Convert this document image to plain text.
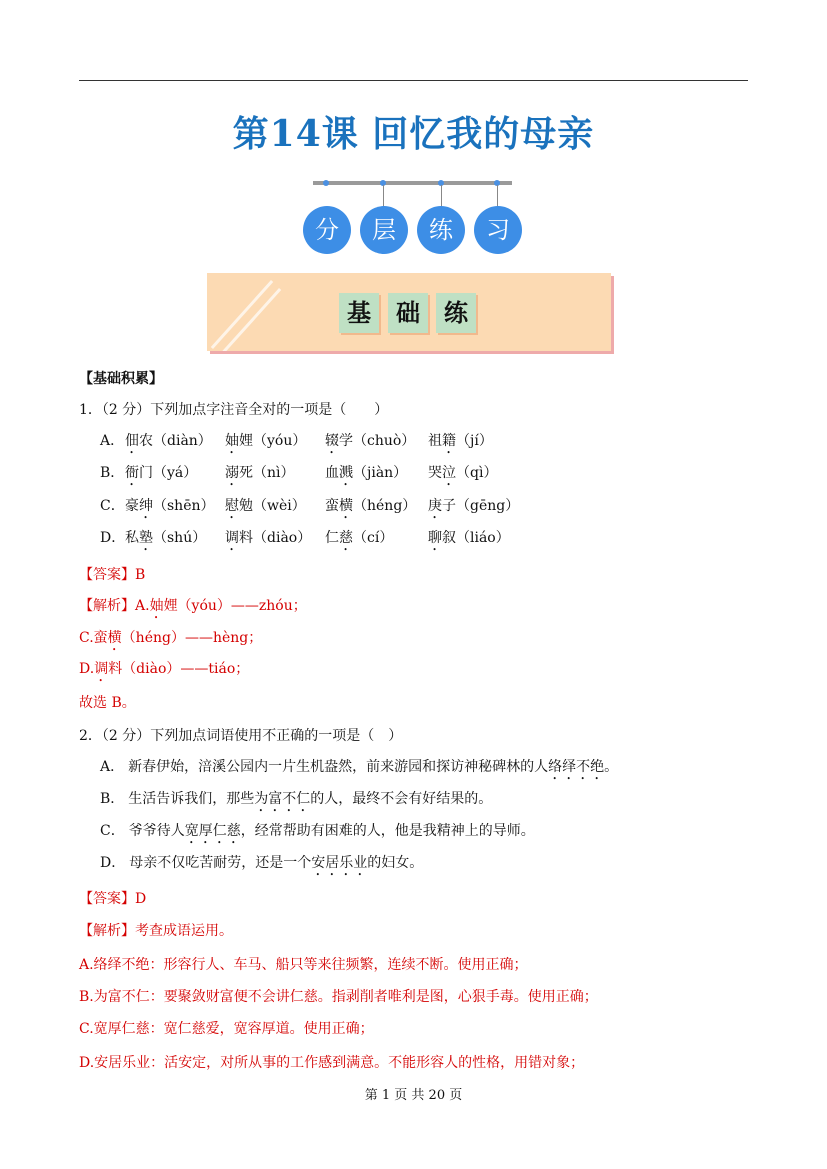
第14课 回忆我的母亲
分	层	练	习
基	础	练
【基础积累】
1．（2 分）下列加点字注音全对的一项是（　　）
【答案】B
【解析】A.妯娌（yóu）——zhóu；
C.蛮横（héng）——hèng；
D.调料（diào）——tiáo；
故选 B。
2．（2 分）下列加点词语使用不正确的一项是（　）
【答案】D
【解析】考查成语运用。
A.络绎不绝：形容行人、车马、船只等来往频繁，连续不断。使用正确；
B.为富不仁：要聚敛财富便不会讲仁慈。指剥削者唯利是图，心狠手毒。使用正确；
C.宽厚仁慈：宽仁慈爱，宽容厚道。使用正确；
D.安居乐业：活安定，对所从事的工作感到满意。不能形容人的性格，用错对象；
第 1 页 共 20 页
A． 佃农（diàn） 妯娌（yóu） 辍学（chuò） 祖籍（jí）
B． 衙门（yá） 溺死（nì） 血溅（jiàn） 哭泣（qì）
C． 豪绅（shēn） 慰勉（wèi） 蛮横（héng） 庚子（gēng）
D． 私塾（shú） 调料（diào） 仁慈（cí） 聊叙（liáo）
A． 新春伊始，涪溪公园内一片生机盎然，前来游园和探访神秘碑林的人络绎不绝。
B． 生活告诉我们，那些为富不仁的人，最终不会有好结果的。
C． 爷爷待人宽厚仁慈，经常帮助有困难的人，他是我精神上的导师。
D． 母亲不仅吃苦耐劳，还是一个安居乐业的妇女。
